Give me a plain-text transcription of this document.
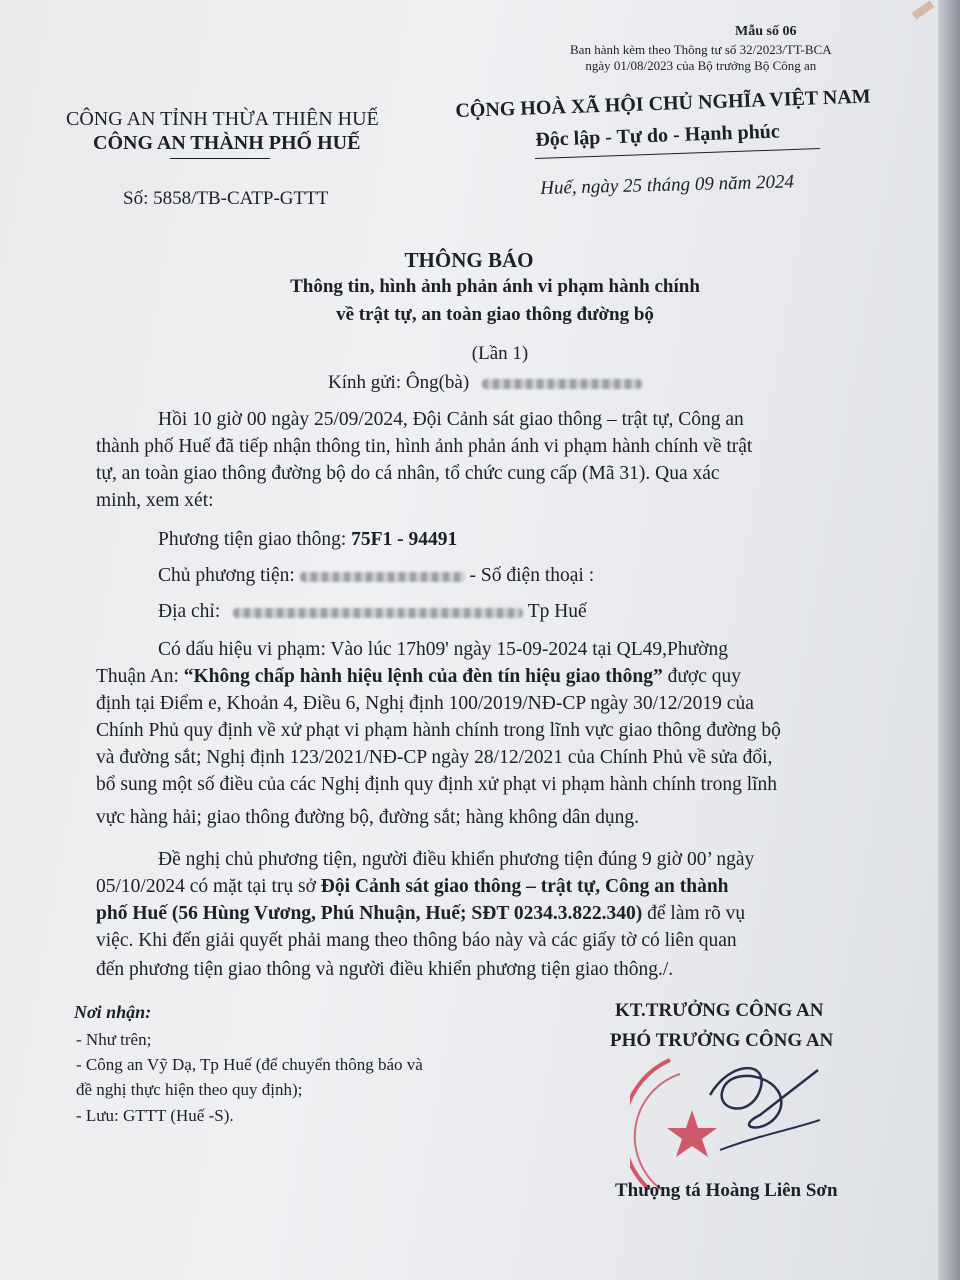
Mẫu số 06
Ban hành kèm theo Thông tư số 32/2023/TT-BCA
ngày 01/08/2023 của Bộ trưởng Bộ Công an
CÔNG AN TỈNH THỪA THIÊN HUẾ
CÔNG AN THÀNH PHỐ HUẾ
CỘNG HOÀ XÃ HỘI CHỦ NGHĨA VIỆT NAM
Độc lập - Tự do - Hạnh phúc
Số: 5858/TB-CATP-GTTT	Huế, ngày 25 tháng 09 năm 2024
THÔNG BÁO
Thông tin, hình ảnh phản ánh vi phạm hành chính
về trật tự, an toàn giao thông đường bộ
(Lần 1)
Kính gửi: Ông(bà)
Hồi 10 giờ 00 ngày 25/09/2024, Đội Cảnh sát giao thông – trật tự, Công an
thành phố Huế đã tiếp nhận thông tin, hình ảnh phản ánh vi phạm hành chính về trật
tự, an toàn giao thông đường bộ do cá nhân, tổ chức cung cấp (Mã 31). Qua xác
minh, xem xét:
Phương tiện giao thông: 75F1 - 94491
Chủ phương tiện:	- Số điện thoại :
Địa chỉ:	Tp Huế
Có dấu hiệu vi phạm: Vào lúc 17h09' ngày 15-09-2024 tại QL49,Phường
Thuận An: “Không chấp hành hiệu lệnh của đèn tín hiệu giao thông” được quy
định tại Điểm e, Khoản 4, Điều 6, Nghị định 100/2019/NĐ-CP ngày 30/12/2019 của
Chính Phủ quy định về xử phạt vi phạm hành chính trong lĩnh vực giao thông đường bộ
và đường sắt; Nghị định 123/2021/NĐ-CP ngày 28/12/2021 của Chính Phủ về sửa đổi,
bổ sung một số điều của các Nghị định quy định xử phạt vi phạm hành chính trong lĩnh
vực hàng hải; giao thông đường bộ, đường sắt; hàng không dân dụng.
Đề nghị chủ phương tiện, người điều khiển phương tiện đúng 9 giờ 00’ ngày
05/10/2024 có mặt tại trụ sở Đội Cảnh sát giao thông – trật tự, Công an thành
phố Huế (56 Hùng Vương, Phú Nhuận, Huế; SĐT 0234.3.822.340) để làm rõ vụ
việc. Khi đến giải quyết phải mang theo thông báo này và các giấy tờ có liên quan
đến phương tiện giao thông và người điều khiển phương tiện giao thông./.
Nơi nhận:
- Như trên;
- Công an Vỹ Dạ, Tp Huế (để chuyển thông báo và
đề nghị thực hiện theo quy định);
- Lưu: GTTT (Huế -S).
KT.TRƯỞNG CÔNG AN
PHÓ TRƯỞNG CÔNG AN
Thượng tá Hoàng Liên Sơn
